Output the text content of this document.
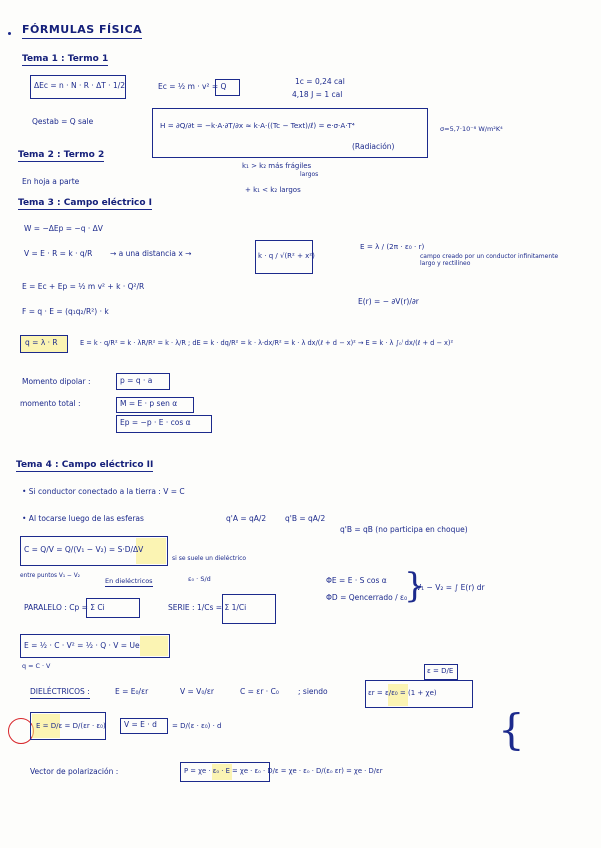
FÓRMULAS FÍSICA
Tema 1 : Termo 1
ΔEc = n · N · R · ΔT · 1/2	Ec = ½ m · v² = Q
1c = 0,24 cal
4,18 J = 1 cal
Qestab = Q sale	H = ∂Q/∂t = −k·A·∂T/∂x ≈ k·A·((Tc − Text)/ℓ) = e·σ·A·T⁴
(Radiación)
σ=5,7·10⁻⁸ W/m²K⁴
k₁ > k₂ más frágiles
largos
+ k₁ < k₂ largos
Tema 2 : Termo 2
En hoja a parte
Tema 3 : Campo eléctrico I
W = −ΔEp = −q · ΔV
V = E · R = k · q/R → a una distancia x →	k · q / √(R² + x²)
E = λ / (2π · ε₀ · r)
campo creado por un conductor infinitamente largo y rectilíneo
E = Ec + Ep = ½ m v² + k · Q²/R
E(r) = − ∂V(r)/∂r
F = q · E = (q₁q₂/R²) · k
q = λ · R	E = k · q/R² = k · λR/R² = k · λ/R ; dE = k · dq/R² = k · λ·dx/R² = k · λ dx/(ℓ + d − x)² → E = k · λ ∫₀ˡ dx/(ℓ + d − x)²
Momento dipolar :	p = q · a
momento total :	M = E · p sen α
Ep = −p · E · cos α
Tema 4 : Campo eléctrico II
• Si conductor conectado a la tierra : V = C
• Al tocarse luego de las esferas	q'A = qA/2	q'B = qA/2
q'B = qB (no participa en choque)
C = Q/V = Q/(V₁ − V₂) = S·D/ΔV
si se suele un dieléctrico
entre puntos V₁ − V₂
En dieléctricos	ε₀ · S/d	ΦE = E · S cos α
ΦD = Qencerrado / ε₀
}
V₁ − V₂ = ∫ E(r) dr
PARALELO : Cp = Σ Ci	SERIE : 1/Cs = Σ 1/Ci
E = ½ · C · V² = ½ · Q · V = Ue
q = C · V
DIELÉCTRICOS :	E = E₀/εr	V = V₀/εr	C = εr · C₀	; siendo	εr = ε/ε₀ = (1 + χe)
ε = D/E
E = D/ε = D/(εr · ε₀) V = E · d = D/(ε · ε₀) · d	{
Vector de polarización :	P = χe · ε₀ · E = χe · ε₀ · D/ε = χe · ε₀ · D/(ε₀ εr) = χe · D/εr
